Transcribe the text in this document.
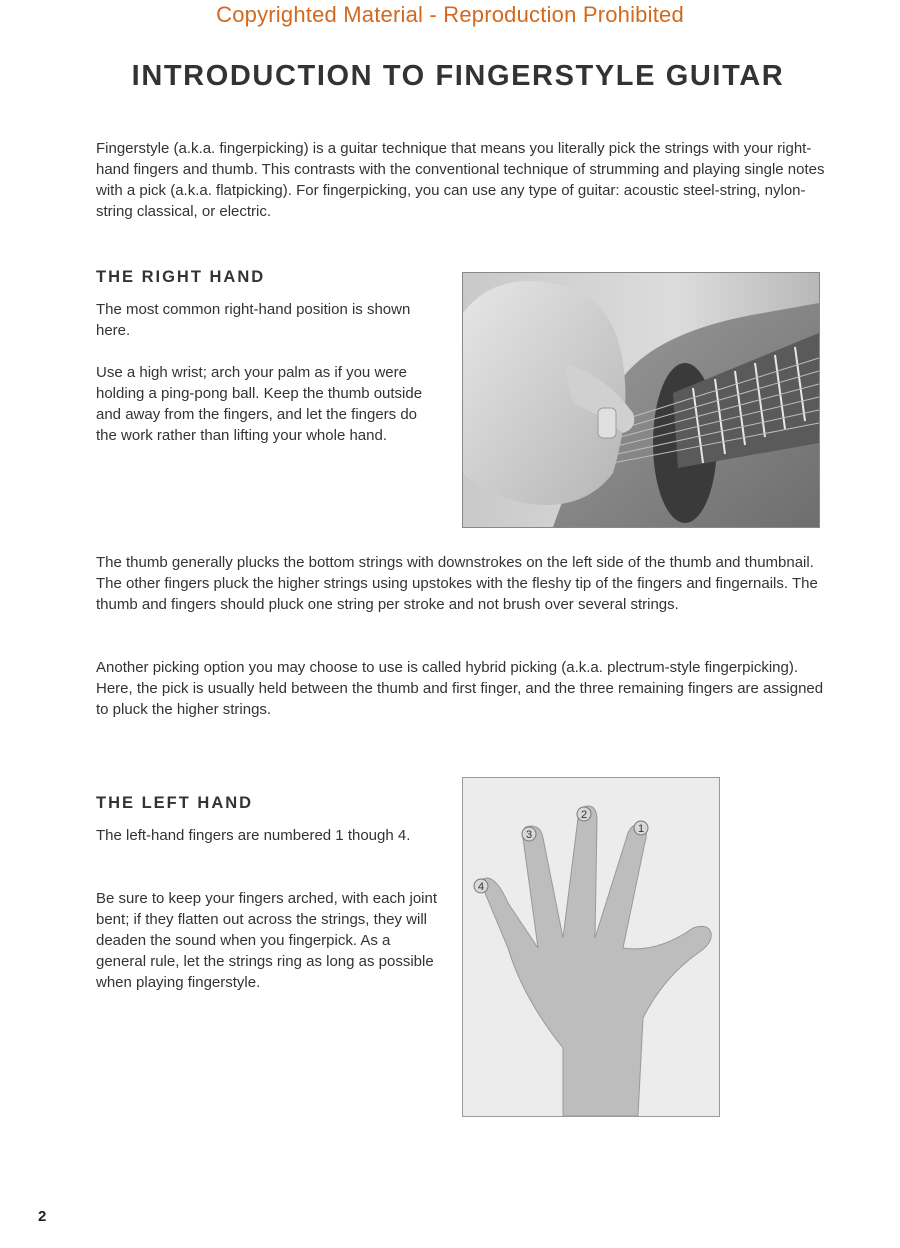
Copyrighted Material - Reproduction Prohibited
INTRODUCTION TO FINGERSTYLE GUITAR

Fingerstyle (a.k.a. fingerpicking) is a guitar technique that means you literally pick the strings with your right-hand fingers and thumb. This contrasts with the conventional technique of strumming and playing single notes with a pick (a.k.a. flatpicking). For fingerpicking, you can use any type of guitar: acoustic steel-string, nylon-string classical, or electric.

THE RIGHT HAND

The most common right-hand position is shown here.

Use a high wrist; arch your palm as if you were holding a ping-pong ball. Keep the thumb outside and away from the fingers, and let the fingers do the work rather than lifting your whole hand.

The thumb generally plucks the bottom strings with downstrokes on the left side of the thumb and thumbnail. The other fingers pluck the higher strings using upstokes with the fleshy tip of the fingers and fingernails. The thumb and fingers should pluck one string per stroke and not brush over several strings.

Another picking option you may choose to use is called hybrid picking (a.k.a. plectrum-style fingerpicking). Here, the pick is usually held between the thumb and first finger, and the three remaining fingers are assigned to pluck the higher strings.

THE LEFT HAND

The left-hand fingers are numbered 1 though 4.

Be sure to keep your fingers arched, with each joint bent; if they flatten out across the strings, they will deaden the sound when you fingerpick. As a general rule, let the strings ring as long as possible when playing fingerstyle.

1
2
3
4
2
